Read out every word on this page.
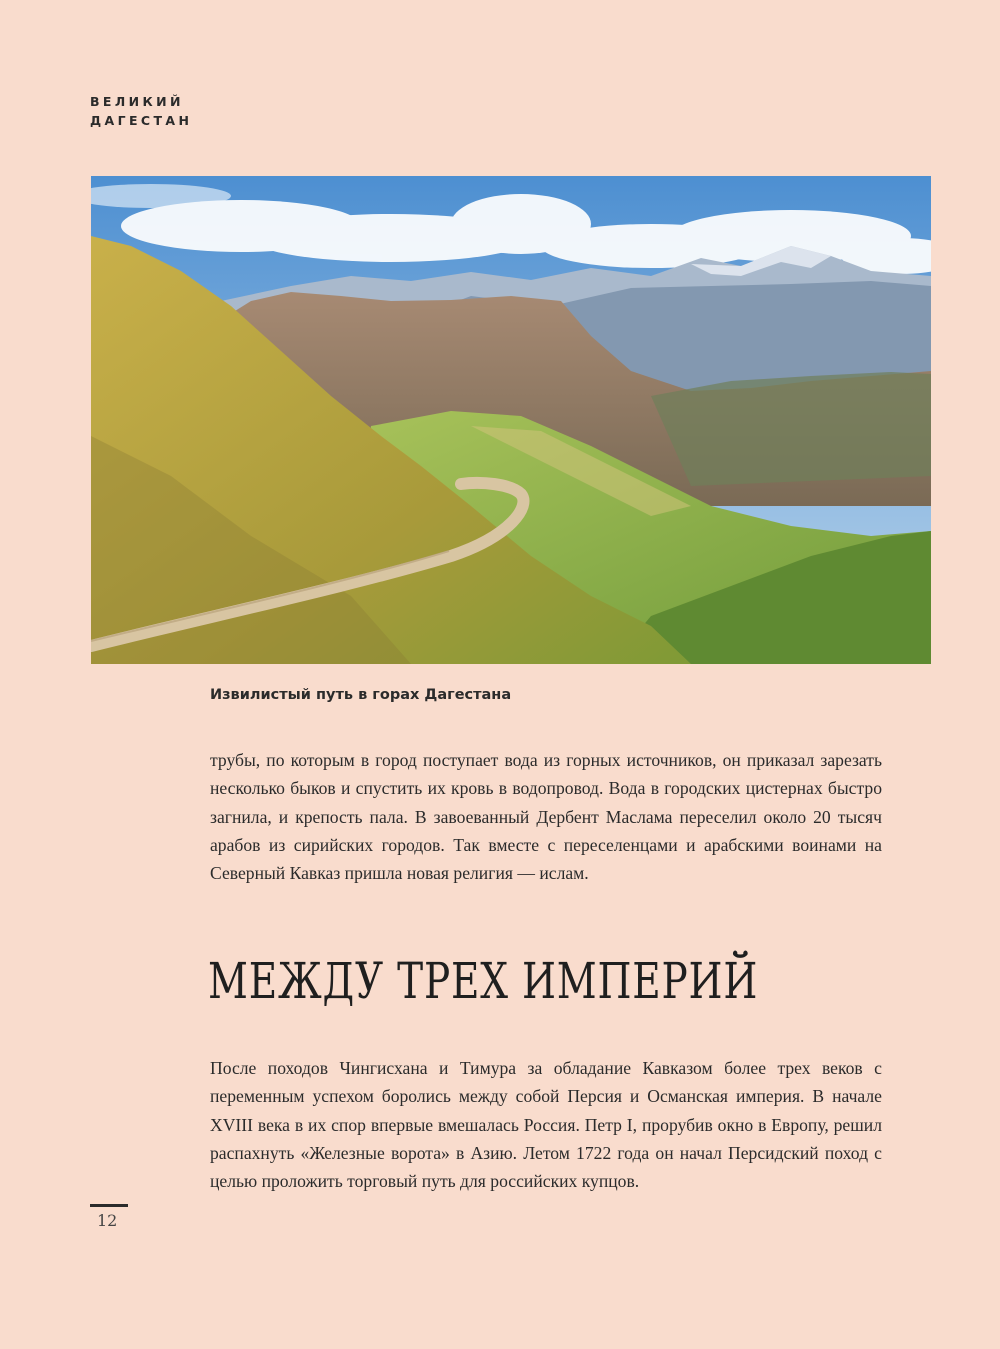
ВЕЛИКИЙ
ДАГЕСТАН
Извилистый путь в горах Дагестана

трубы, по которым в город поступает вода из горных источников, он приказал зарезать несколько быков и спустить их кровь в водопровод. Вода в городских цистернах быстро загнила, и крепость пала. В завоеванный Дербент Маслама переселил около 20 тысяч арабов из сирийских городов. Так вместе с переселенцами и арабскими воинами на Северный Кавказ пришла новая религия — ислам.

МЕЖДУ ТРЕХ ИМПЕРИЙ

После походов Чингисхана и Тимура за обладание Кавказом более трех веков с переменным успехом боролись между собой Персия и Османская империя. В начале XVIII века в их спор впервые вмешалась Россия. Петр I, прорубив окно в Европу, решил распахнуть «Железные ворота» в Азию. Летом 1722 года он начал Персидский поход с целью проложить торговый путь для российских купцов.

12
